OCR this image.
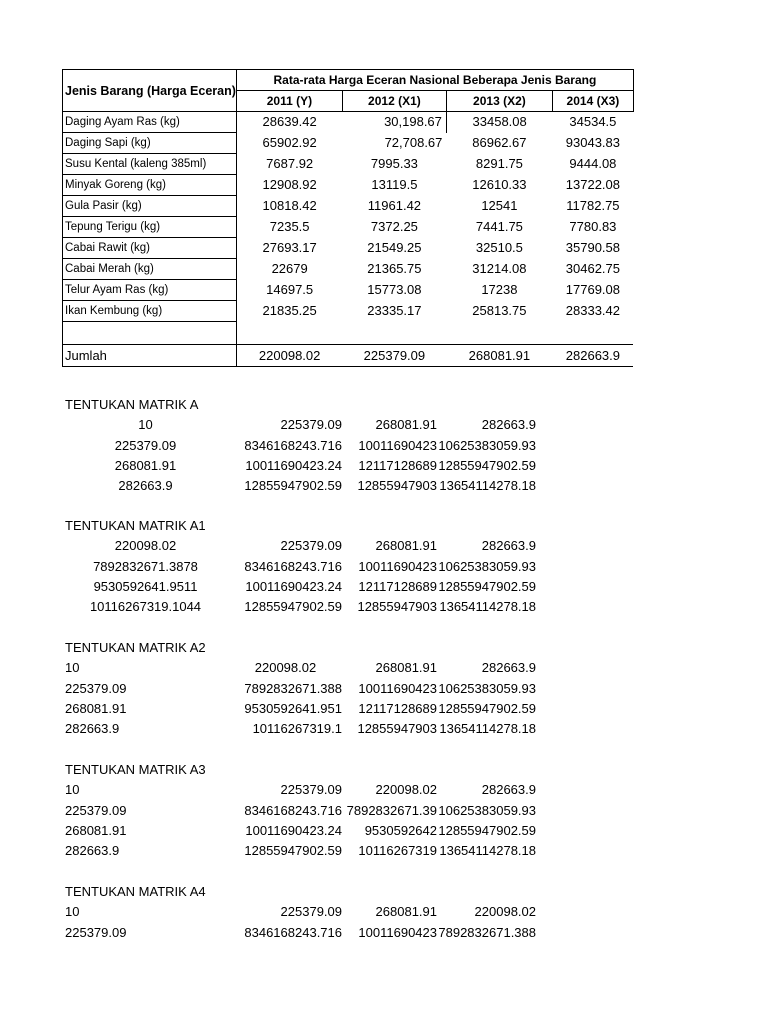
Jenis Barang (Harga Eceran)	Rata-rata Harga Eceran Nasional Beberapa Jenis Barang			
	2011 (Y)	2012 (X1)	2013 (X2)	2014 (X3)
Daging Ayam Ras (kg)	28639.42	30,198.67	33458.08	34534.5
Daging Sapi (kg)	65902.92	72,708.67	86962.67	93043.83
Susu Kental (kaleng 385ml)	7687.92	7995.33	8291.75	9444.08
Minyak Goreng (kg)	12908.92	13119.5	12610.33	13722.08
Gula Pasir (kg)	10818.42	11961.42	12541	11782.75
Tepung Terigu (kg)	7235.5	7372.25	7441.75	7780.83
Cabai Rawit (kg)	27693.17	21549.25	32510.5	35790.58
Cabai Merah (kg)	22679	21365.75	31214.08	30462.75
Telur Ayam Ras (kg)	14697.5	15773.08	17238	17769.08
Ikan Kembung (kg)	21835.25	23335.17	25813.75	28333.42

Jumlah	220098.02	225379.09	268081.91	282663.9
TENTUKAN MATRIK A
10	225379.09	268081.91	282663.9
225379.09	8346168243.716	10011690423	10625383059.93
268081.91	10011690423.24	12117128689	12855947902.59
282663.9	12855947902.59	12855947903	13654114278.18
TENTUKAN MATRIK A1
220098.02	225379.09	268081.91	282663.9
7892832671.3878	8346168243.716	10011690423	10625383059.93
9530592641.9511	10011690423.24	12117128689	12855947902.59
10116267319.1044	12855947902.59	12855947903	13654114278.18
TENTUKAN MATRIK A2
10	220098.02	268081.91	282663.9
225379.09	7892832671.388	10011690423	10625383059.93
268081.91	9530592641.951	12117128689	12855947902.59
282663.9	10116267319.1	12855947903	13654114278.18
TENTUKAN MATRIK A3
10	225379.09	220098.02	282663.9
225379.09	8346168243.716	7892832671.39	10625383059.93
268081.91	10011690423.24	9530592642	12855947902.59
282663.9	12855947902.59	10116267319	13654114278.18
TENTUKAN MATRIK A4
10	225379.09	268081.91	220098.02
225379.09	8346168243.716	10011690423	7892832671.388
